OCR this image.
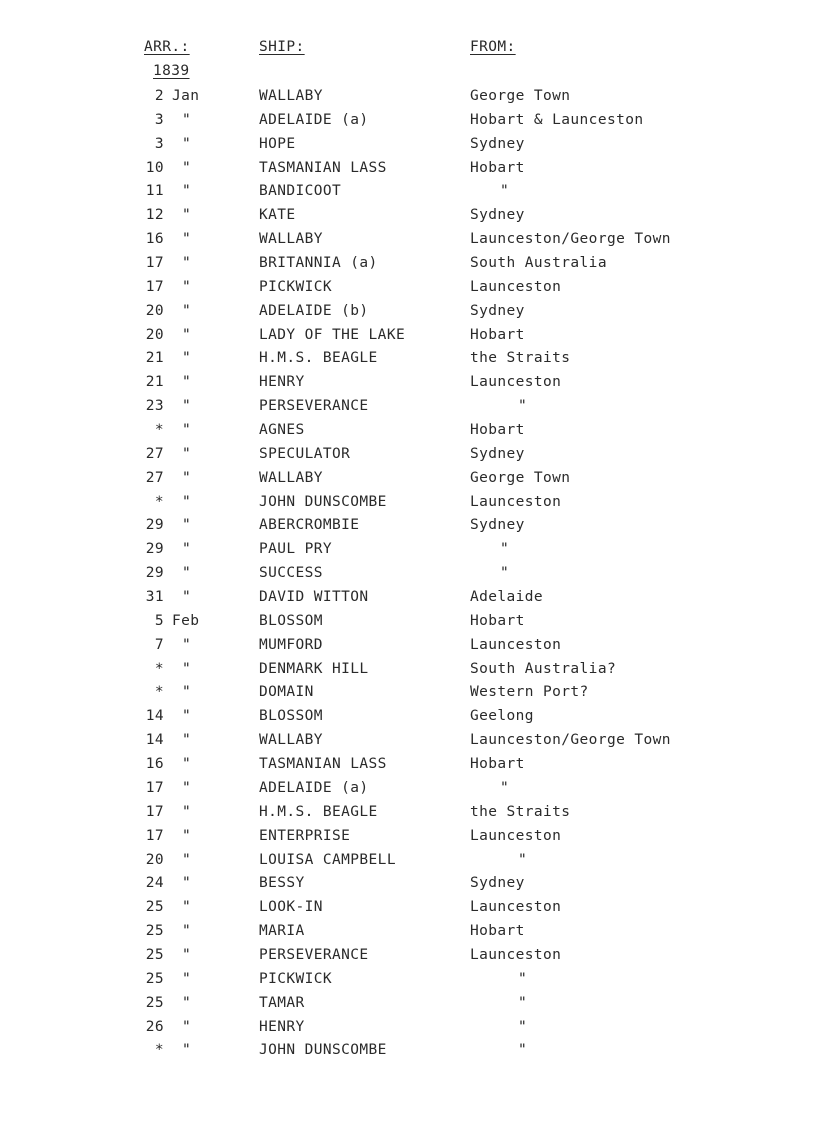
ARR.:	SHIP:	FROM:
1839
2 Jan	WALLABY	George Town
3 "	ADELAIDE (a)	Hobart & Launceston
3 "	HOPE	Sydney
10 "	TASMANIAN LASS	Hobart
11 "	BANDICOOT	"
12 "	KATE	Sydney
16 "	WALLABY	Launceston/George Town
17 "	BRITANNIA (a)	South Australia
17 "	PICKWICK	Launceston
20 "	ADELAIDE (b)	Sydney
20 "	LADY OF THE LAKE	Hobart
21 "	H.M.S. BEAGLE	the Straits
21 "	HENRY	Launceston
23 "	PERSEVERANCE	"
* "	AGNES	Hobart
27 "	SPECULATOR	Sydney
27 "	WALLABY	George Town
* "	JOHN DUNSCOMBE	Launceston
29 "	ABERCROMBIE	Sydney
29 "	PAUL PRY	"
29 "	SUCCESS	"
31 "	DAVID WITTON	Adelaide
5 Feb	BLOSSOM	Hobart
7 "	MUMFORD	Launceston
* "	DENMARK HILL	South Australia?
* "	DOMAIN	Western Port?
14 "	BLOSSOM	Geelong
14 "	WALLABY	Launceston/George Town
16 "	TASMANIAN LASS	Hobart
17 "	ADELAIDE (a)	"
17 "	H.M.S. BEAGLE	the Straits
17 "	ENTERPRISE	Launceston
20 "	LOUISA CAMPBELL	"
24 "	BESSY	Sydney
25 "	LOOK-IN	Launceston
25 "	MARIA	Hobart
25 "	PERSEVERANCE	Launceston
25 "	PICKWICK	"
25 "	TAMAR	"
26 "	HENRY	"
* "	JOHN DUNSCOMBE	"
